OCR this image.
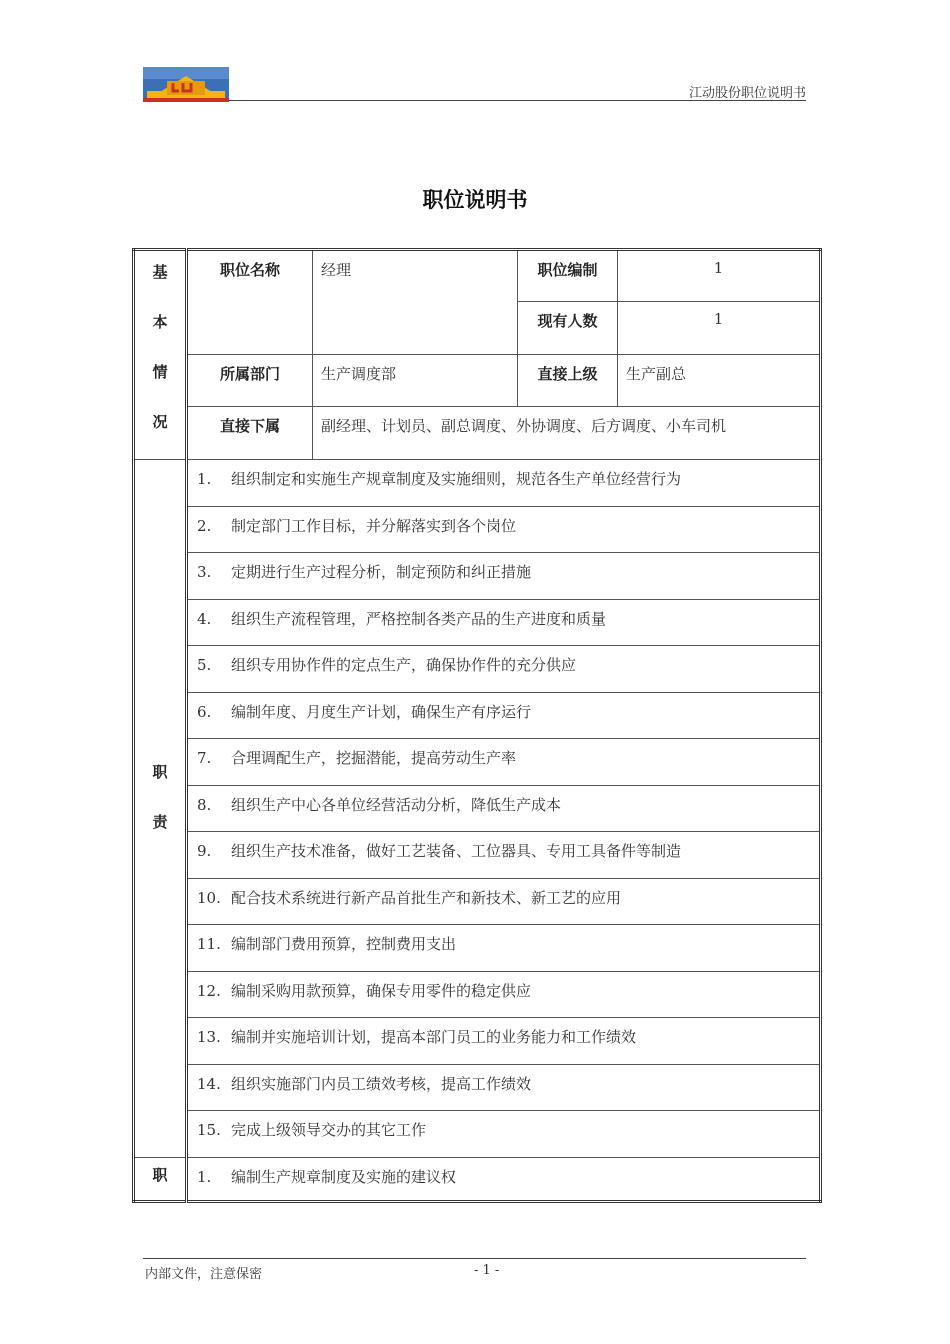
江动股份职位说明书
职位说明书
基
本
情
况	职位名称	经理	职位编制	1
			现有人数	1
	所属部门	生产调度部	直接上级	生产副总
	直接下属	副经理、计划员、副总调度、外协调度、后方调度、小车司机		

职
责	1. 组织制定和实施生产规章制度及实施细则，规范各生产单位经营行为			
	2. 制定部门工作目标，并分解落实到各个岗位			
	3. 定期进行生产过程分析，制定预防和纠正措施			
	4. 组织生产流程管理，严格控制各类产品的生产进度和质量			
	5. 组织专用协作件的定点生产，确保协作件的充分供应			
	6. 编制年度、月度生产计划，确保生产有序运行			
	7. 合理调配生产，挖掘潜能，提高劳动生产率			
	8. 组织生产中心各单位经营活动分析，降低生产成本			
	9. 组织生产技术准备，做好工艺装备、工位器具、专用工具备件等制造			
	10. 配合技术系统进行新产品首批生产和新技术、新工艺的应用			
	11. 编制部门费用预算，控制费用支出			
	12. 编制采购用款预算，确保专用零件的稳定供应			
	13. 编制并实施培训计划，提高本部门员工的业务能力和工作绩效			
	14. 组织实施部门内员工绩效考核，提高工作绩效			
	15. 完成上级领导交办的其它工作			
职	1. 编制生产规章制度及实施的建议权			
内部文件，注意保密	- 1 -
